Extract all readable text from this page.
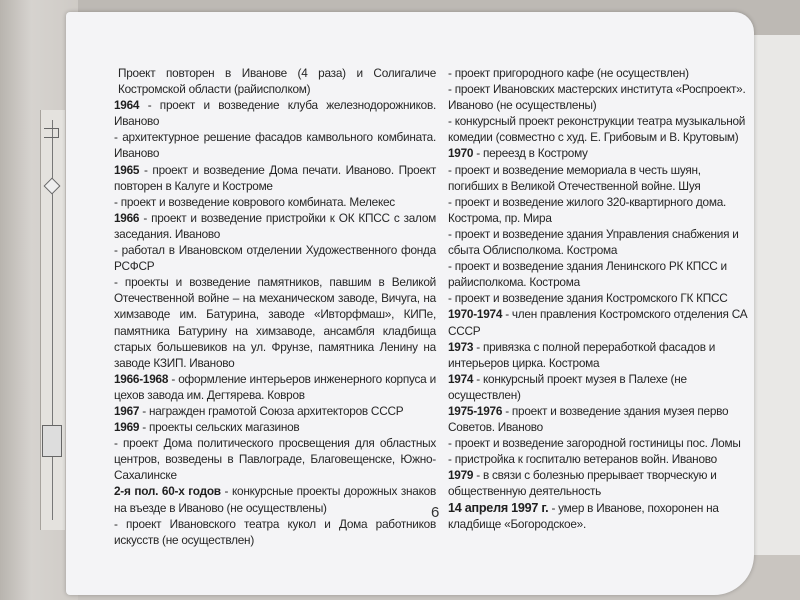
Проект повторен в Иванове (4 раза) и Солигаличе Костромской области (райисполком)
1964 - проект и возведение клуба железнодорожников. Иваново
- архитектурное решение фасадов камвольного комбината. Иваново
1965 - проект и возведение Дома печати. Иваново. Проект повторен в Калуге и Костроме
- проект и возведение коврового комбината. Мелекес
1966 - проект и возведение пристройки к ОК КПСС с залом заседания. Иваново
- работал в Ивановском отделении Художественного фонда РСФСР
- проекты и возведение памятников, павшим в Великой Отечественной войне – на механическом заводе, Вичуга, на химзаводе им. Батурина, заводе «Ивторфмаш», КИПе, памятника Батурину на химзаводе, ансамбля кладбища старых большевиков на ул. Фрунзе, памятника Ленину на заводе КЗИП. Иваново
1966-1968 - оформление интерьеров инженерного корпуса и цехов завода им. Дегтярева. Ковров
1967 - награжден грамотой Союза архитекторов СССР
1969 - проекты сельских магазинов
- проект Дома политического просвещения для областных центров, возведены в Павлограде, Благовещенске, Южно-Сахалинске
2-я пол. 60-х годов - конкурсные проекты дорожных знаков на въезде в Иваново (не осуществлены)
- проект Ивановского театра кукол и Дома работников искусств (не осуществлен)
- проект пригородного кафе (не осуществлен)
- проект Ивановских мастерских института «Роспроект». Иваново (не осуществлены)
- конкурсный проект реконструкции театра музыкальной комедии (совместно с худ. Е. Грибовым и В. Крутовым)
1970 - переезд в Кострому
- проект и возведение мемориала в честь шуян, погибших в Великой Отечественной войне. Шуя
- проект и возведение жилого 320-квартирного дома. Кострома, пр. Мира
- проект и возведение здания Управления снабжения и сбыта Облисполкома. Кострома
- проект и возведение здания Ленинского РК КПСС и райисполкома. Кострома
- проект и возведение здания Костромского ГК КПСС
1970-1974 - член правления Костромского отделения СА СССР
1973 - привязка с полной переработкой фасадов и интерьеров цирка. Кострома
1974 - конкурсный проект музея в Палехе (не осуществлен)
1975-1976 - проект и возведение здания музея перво Советов. Иваново
- проект и возведение загородной гостиницы пос. Ломы
- пристройка к госпиталю ветеранов войн. Иваново
1979 - в связи с болезнью прерывает творческую и общественную деятельность
14 апреля 1997 г. - умер в Иванове, похоронен на кладбище «Богородское».
6
